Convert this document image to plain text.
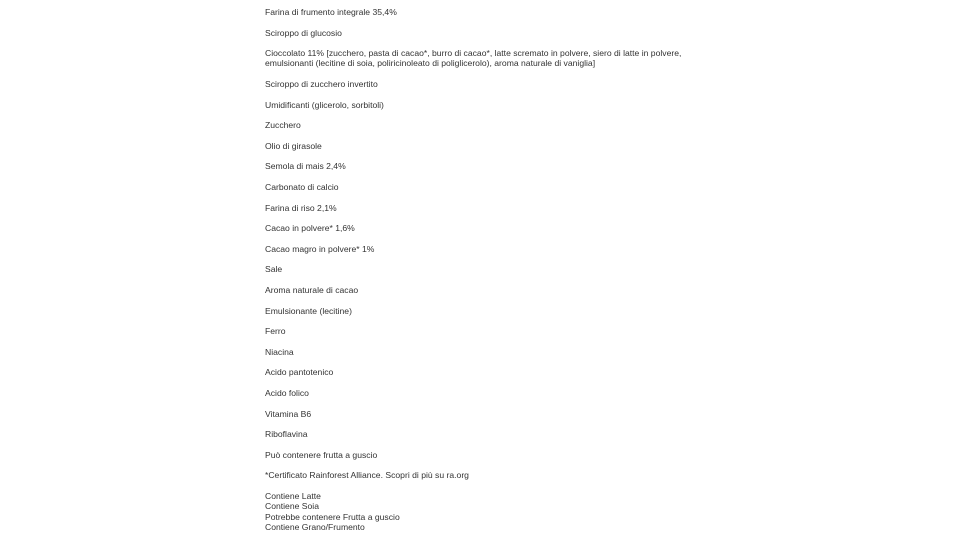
Farina di frumento integrale 35,4%
Sciroppo di glucosio
Cioccolato 11% [zucchero, pasta di cacao*, burro di cacao*, latte scremato in polvere, siero di latte in polvere, emulsionanti (lecitine di soia, poliricinoleato di poliglicerolo), aroma naturale di vaniglia]
Sciroppo di zucchero invertito
Umidificanti (glicerolo, sorbitoli)
Zucchero
Olio di girasole
Semola di mais 2,4%
Carbonato di calcio
Farina di riso 2,1%
Cacao in polvere* 1,6%
Cacao magro in polvere* 1%
Sale
Aroma naturale di cacao
Emulsionante (lecitine)
Ferro
Niacina
Acido pantotenico
Acido folico
Vitamina B6
Riboflavina
Può contenere frutta a guscio
*Certificato Rainforest Alliance. Scopri di più su ra.org
Contiene Latte
Contiene Soia
Potrebbe contenere Frutta a guscio
Contiene Grano/Frumento
